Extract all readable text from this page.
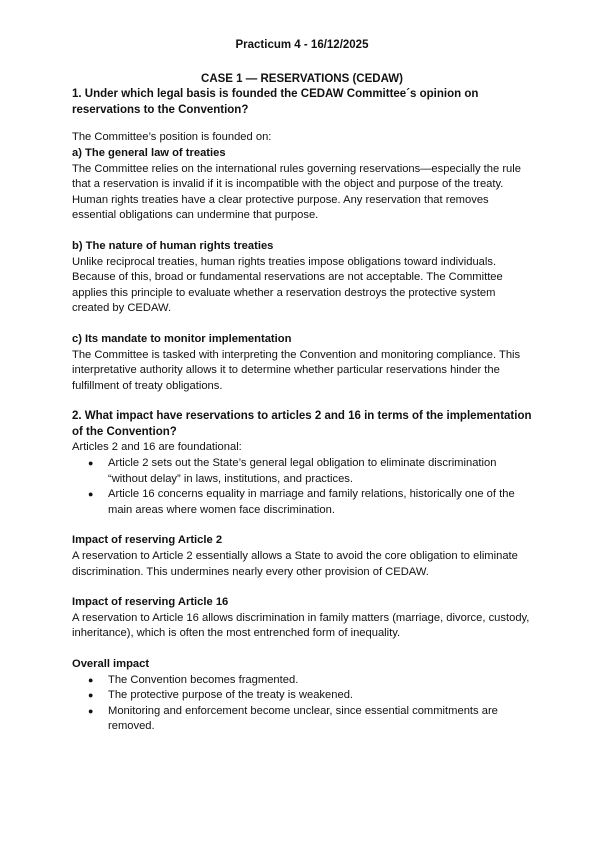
Practicum 4 - 16/12/2025

CASE 1 — RESERVATIONS (CEDAW)

1. Under which legal basis is founded the CEDAW Committee´s opinion on reservations to the Convention?

The Committee’s position is founded on:

a) The general law of treaties

The Committee relies on the international rules governing reservations—especially the rule that a reservation is invalid if it is incompatible with the object and purpose of the treaty. Human rights treaties have a clear protective purpose. Any reservation that removes essential obligations can undermine that purpose.

b) The nature of human rights treaties

Unlike reciprocal treaties, human rights treaties impose obligations toward individuals. Because of this, broad or fundamental reservations are not acceptable. The Committee applies this principle to evaluate whether a reservation destroys the protective system created by CEDAW.

c) Its mandate to monitor implementation

The Committee is tasked with interpreting the Convention and monitoring compliance. This interpretative authority allows it to determine whether particular reservations hinder the fulfillment of treaty obligations.

2. What impact have reservations to articles 2 and 16 in terms of the implementation of the Convention?

Articles 2 and 16 are foundational:

● Article 2 sets out the State’s general legal obligation to eliminate discrimination “without delay” in laws, institutions, and practices.
● Article 16 concerns equality in marriage and family relations, historically one of the main areas where women face discrimination.

Impact of reserving Article 2

A reservation to Article 2 essentially allows a State to avoid the core obligation to eliminate discrimination. This undermines nearly every other provision of CEDAW.

Impact of reserving Article 16

A reservation to Article 16 allows discrimination in family matters (marriage, divorce, custody, inheritance), which is often the most entrenched form of inequality.

Overall impact

● The Convention becomes fragmented.
● The protective purpose of the treaty is weakened.
● Monitoring and enforcement become unclear, since essential commitments are removed.
